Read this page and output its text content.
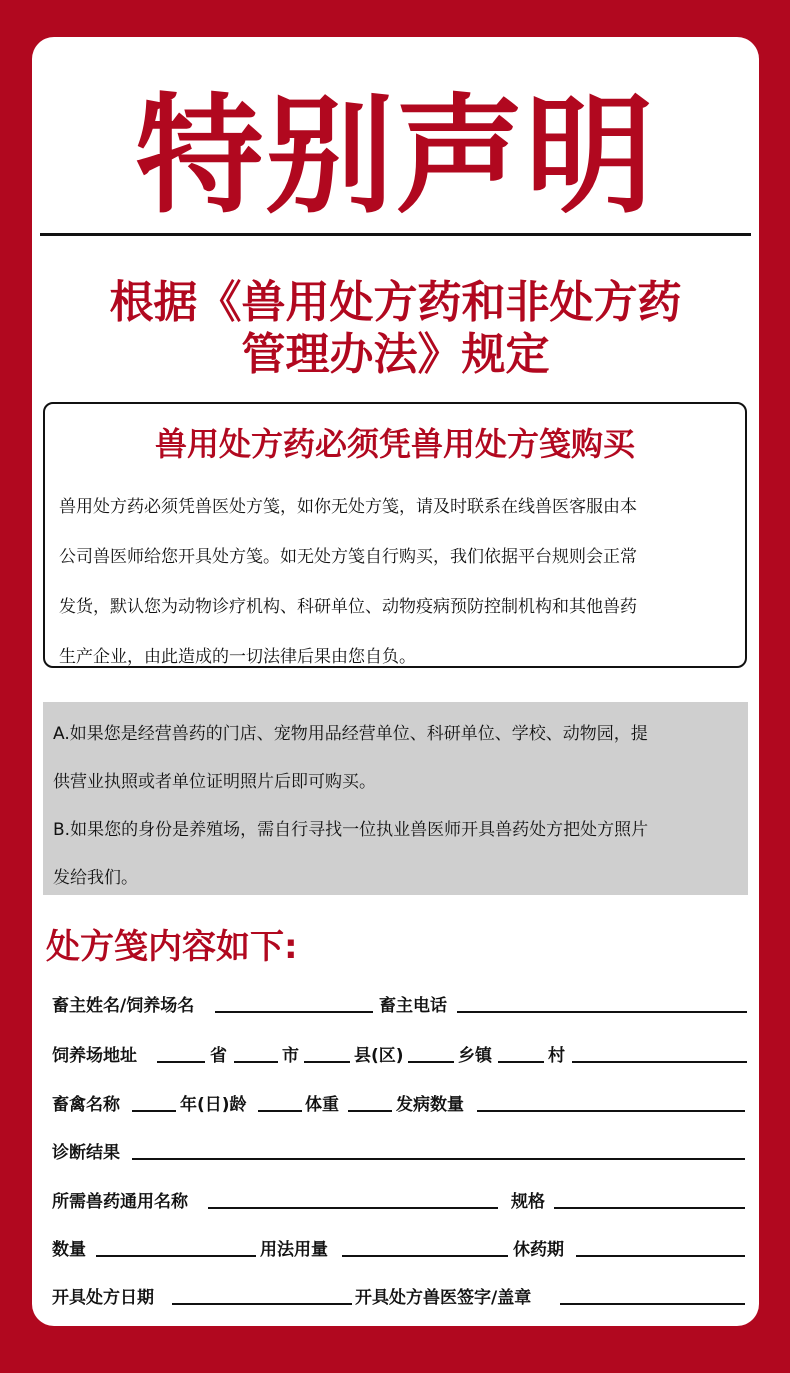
特别声明
根据《兽用处方药和非处方药
管理办法》规定
兽用处方药必须凭兽用处方笺购买
兽用处方药必须凭兽医处方笺，如你无处方笺，请及时联系在线兽医客服由本
公司兽医师给您开具处方笺。如无处方笺自行购买，我们依据平台规则会正常
发货，默认您为动物诊疗机构、科研单位、动物疫病预防控制机构和其他兽药
生产企业，由此造成的一切法律后果由您自负。

A.如果您是经营兽药的门店、宠物用品经营单位、科研单位、学校、动物园，提

供营业执照或者单位证明照片后即可购买。

B.如果您的身份是养殖场，需自行寻找一位执业兽医师开具兽药处方把处方照片

发给我们。

处方笺内容如下:
畜主姓名/饲养场名	畜主电话
饲养场地址	省	市	县(区)	乡镇	村
畜禽名称	年(日)龄	体重	发病数量
诊断结果
所需兽药通用名称	规格
数量	用法用量	休药期
开具处方日期	开具处方兽医签字/盖章
